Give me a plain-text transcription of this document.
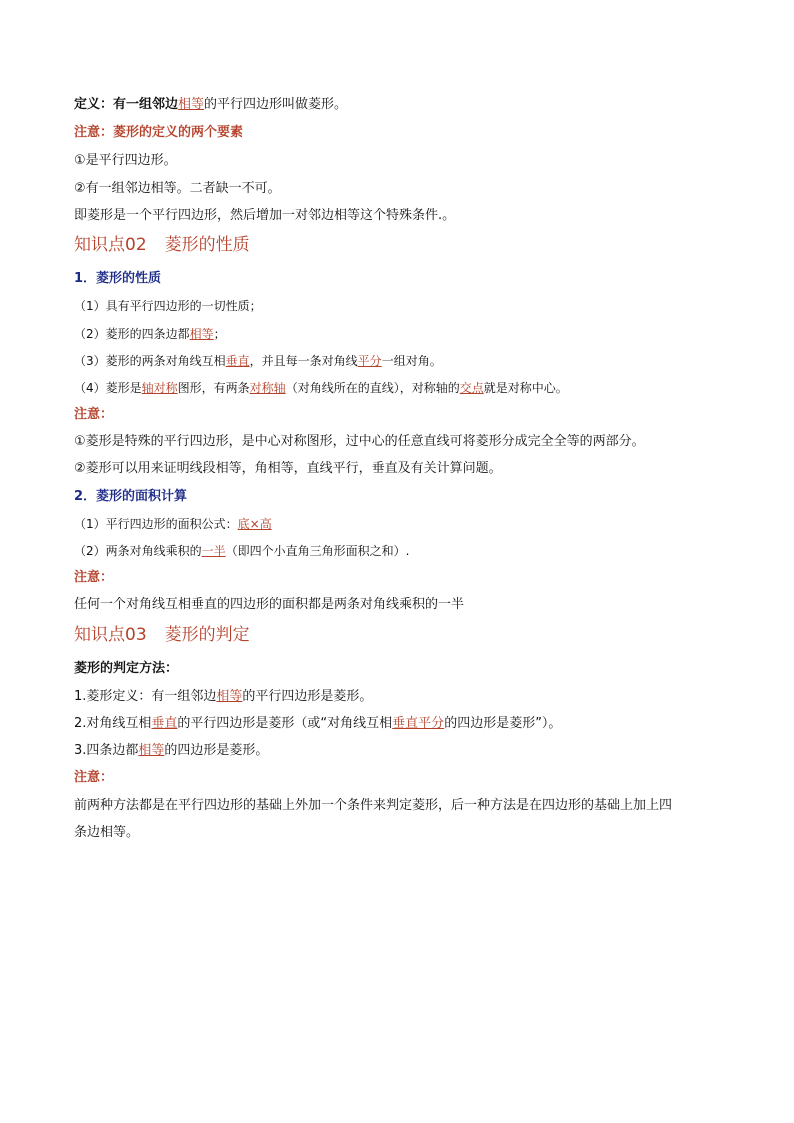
定义：有一组邻边相等的平行四边形叫做菱形。
注意：菱形的定义的两个要素
①是平行四边形。
②有一组邻边相等。二者缺一不可。
即菱形是一个平行四边形，然后增加一对邻边相等这个特殊条件.。
知识点02 菱形的性质
1．菱形的性质
（1）具有平行四边形的一切性质；
（2）菱形的四条边都相等；
（3）菱形的两条对角线互相垂直，并且每一条对角线平分一组对角。
（4）菱形是轴对称图形，有两条对称轴（对角线所在的直线），对称轴的交点就是对称中心。
注意：
①菱形是特殊的平行四边形，是中心对称图形，过中心的任意直线可将菱形分成完全全等的两部分。
②菱形可以用来证明线段相等，角相等，直线平行，垂直及有关计算问题。
2．菱形的面积计算
（1）平行四边形的面积公式：底×高
（2）两条对角线乘积的一半（即四个小直角三角形面积之和）.
注意：
任何一个对角线互相垂直的四边形的面积都是两条对角线乘积的一半
知识点03 菱形的判定
菱形的判定方法：
1.菱形定义：有一组邻边相等的平行四边形是菱形。
2.对角线互相垂直的平行四边形是菱形（或“对角线互相垂直平分的四边形是菱形”）。
3.四条边都相等的四边形是菱形。
注意：
前两种方法都是在平行四边形的基础上外加一个条件来判定菱形，后一种方法是在四边形的基础上加上四
条边相等。
